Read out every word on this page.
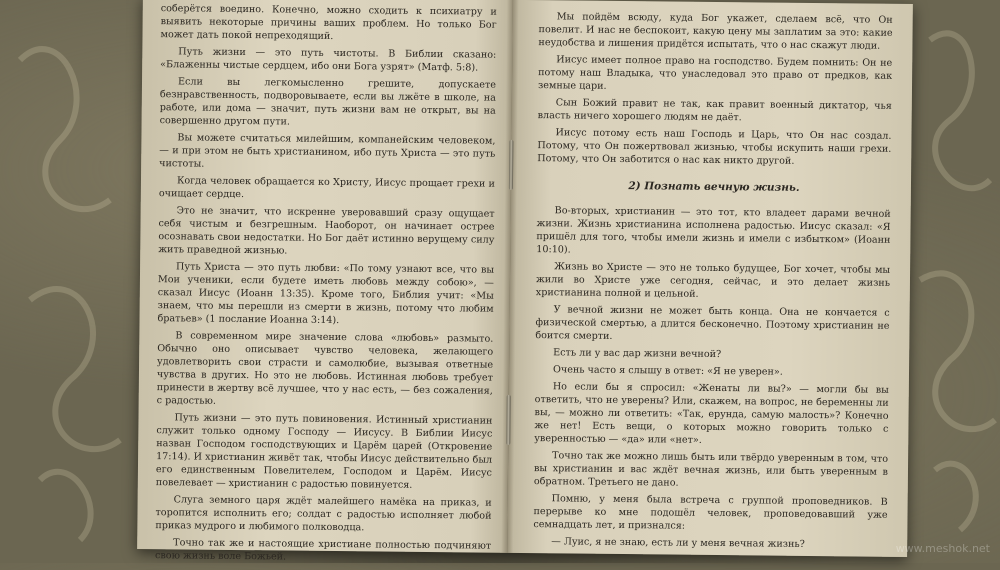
соберётся воедино. Конечно, можно сходить к психиатру и выявить некоторые причины ваших проблем. Но только Бог может дать покой непреходящий.

Путь жизни — это путь чистоты. В Библии сказано: «Блаженны чистые сердцем, ибо они Бога узрят» (Матф. 5:8).

Если вы легкомысленно грешите, допускаете безнравственность, подворовываете, если вы лжёте в школе, на работе, или дома — значит, путь жизни вам не открыт, вы на совершенно другом пути.

Вы можете считаться милейшим, компанейским человеком, — и при этом не быть христианином, ибо путь Христа — это путь чистоты.

Когда человек обращается ко Христу, Иисус прощает грехи и очищает сердце.

Это не значит, что искренне уверовавший сразу ощущает себя чистым и безгрешным. Наоборот, он начинает острее осознавать свои недостатки. Но Бог даёт истинно верущему силу жить праведной жизнью.

Путь Христа — это путь любви: «По тому узнают все, что вы Мои ученики, если будете иметь любовь между собою», — сказал Иисус (Иоанн 13:35). Кроме того, Библия учит: «Мы знаем, что мы перешли из смерти в жизнь, потому что любим братьев» (1 послание Иоанна 3:14).

В современном мире значение слова «любовь» размыто. Обычно оно описывает чувство человека, желающего удовлетворить свои страсти и самолюбие, вызывая ответные чувства в других. Но это не любовь. Истинная любовь требует принести в жертву всё лучшее, что у нас есть, — без сожаления, с радостью.

Путь жизни — это путь повиновения. Истинный христианин служит только одному Господу — Иисусу. В Библии Иисус назван Господом господствующих и Царём царей (Откровение 17:14). И христианин живёт так, чтобы Иисус действительно был его единственным Повелителем, Господом и Царём. Иисус повелевает — христианин с радостью повинуется.

Слуга земного царя ждёт малейшего намёка на приказ, и торопится исполнить его; солдат с радостью исполняет любой приказ мудрого и любимого полководца.

Точно так же и настоящие христиане полностью подчиняют свою жизнь воле Божьей.

Мы пойдём всюду, куда Бог укажет, сделаем всё, что Он повелит. И нас не беспокоит, какую цену мы заплатим за это: какие неудобства и лишения придётся испытать, что о нас скажут люди.

Иисус имеет полное право на господство. Будем помнить: Он не потому наш Владыка, что унаследовал это право от предков, как земные цари.

Сын Божий правит не так, как правит военный диктатор, чья власть ничего хорошего людям не даёт.

Иисус потому есть наш Господь и Царь, что Он нас создал. Потому, что Он пожертвовал жизнью, чтобы искупить наши грехи. Потому, что Он заботится о нас как никто другой.

2) Познать вечную жизнь.

Во-вторых, христианин — это тот, кто владеет дарами вечной жизни. Жизнь христианина исполнена радостью. Иисус сказал: «Я пришёл для того, чтобы имели жизнь и имели с избытком» (Иоанн 10:10).

Жизнь во Христе — это не только будущее, Бог хочет, чтобы мы жили во Христе уже сегодня, сейчас, и это делает жизнь христианина полной и цельной.

У вечной жизни не может быть конца. Она не кончается с физической смертью, а длится бесконечно. Поэтому христианин не боится смерти.

Есть ли у вас дар жизни вечной?

Очень часто я слышу в ответ: «Я не уверен».

Но если бы я спросил: «Женаты ли вы?» — могли бы вы ответить, что не уверены? Или, скажем, на вопрос, не беременны ли вы, — можно ли ответить: «Так, ерунда, самую малость»? Конечно же нет! Есть вещи, о которых можно говорить только с уверенностью — «да» или «нет».

Точно так же можно лишь быть или твёрдо уверенным в том, что вы христианин и вас ждёт вечная жизнь, или быть уверенным в обратном. Третьего не дано.

Помню, у меня была встреча с группой проповедников. В перерыве ко мне подошёл человек, проповедовавший уже семнадцать лет, и признался:

— Луис, я не знаю, есть ли у меня вечная жизнь?	www.meshok.net
